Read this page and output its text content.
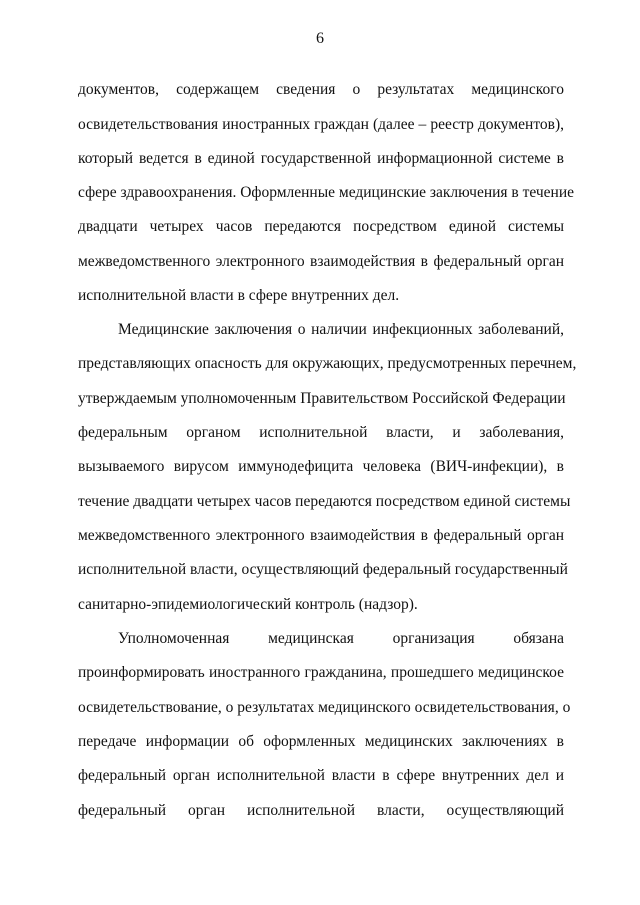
6
документов, содержащем сведения о результатах медицинского
освидетельствования иностранных граждан (далее – реестр документов),
который ведется в единой государственной информационной системе в
сфере здравоохранения. Оформленные медицинские заключения в течение
двадцати четырех часов передаются посредством единой системы
межведомственного электронного взаимодействия в федеральный орган
исполнительной власти в сфере внутренних дел.
Медицинские заключения о наличии инфекционных заболеваний,
представляющих опасность для окружающих, предусмотренных перечнем,
утверждаемым уполномоченным Правительством Российской Федерации
федеральным органом исполнительной власти, и заболевания,
вызываемого вирусом иммунодефицита человека (ВИЧ-инфекции), в
течение двадцати четырех часов передаются посредством единой системы
межведомственного электронного взаимодействия в федеральный орган
исполнительной власти, осуществляющий федеральный государственный
санитарно-эпидемиологический контроль (надзор).
Уполномоченная медицинская организация обязана
проинформировать иностранного гражданина, прошедшего медицинское
освидетельствование, о результатах медицинского освидетельствования, о
передаче информации об оформленных медицинских заключениях в
федеральный орган исполнительной власти в сфере внутренних дел и
федеральный орган исполнительной власти, осуществляющий
